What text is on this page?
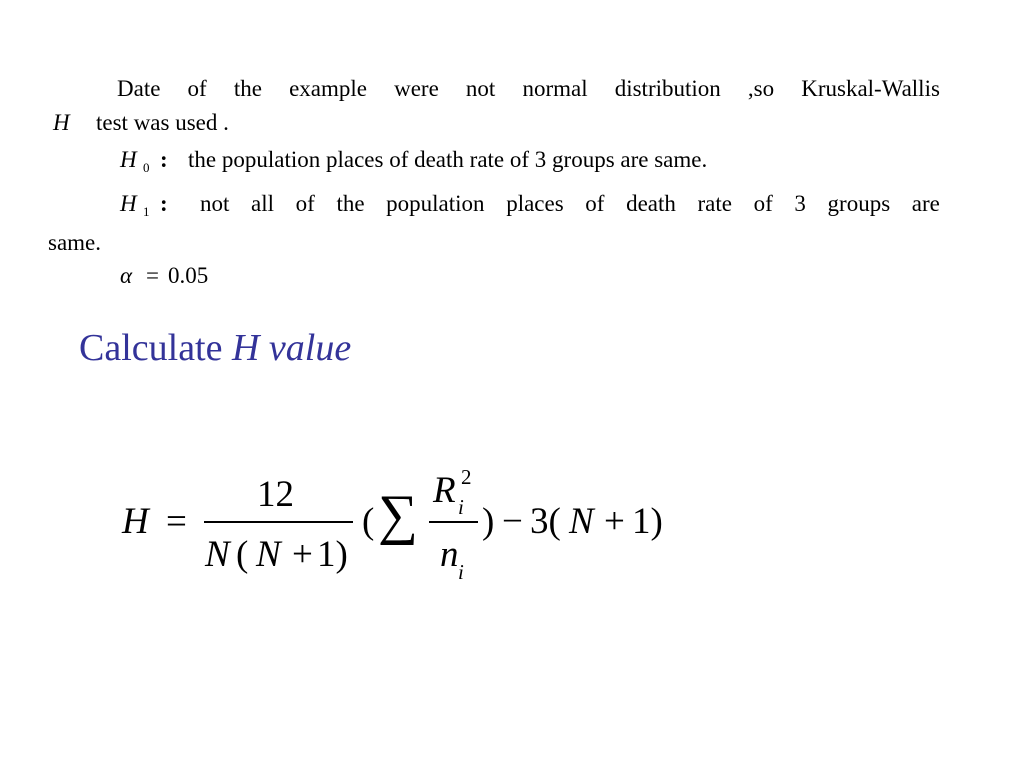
Date of the example were not normal distribution ,so Kruskal-Wallis
H test was used .
H 0 : the population places of death rate of 3 groups are same.
H 1 : not all of the population places of death rate of 3 groups are
same.
α = 0.05
Calculate H value
H =
12
N ( N + 1)
( ∑ R 2
i
n i
) − 3( N + 1)
